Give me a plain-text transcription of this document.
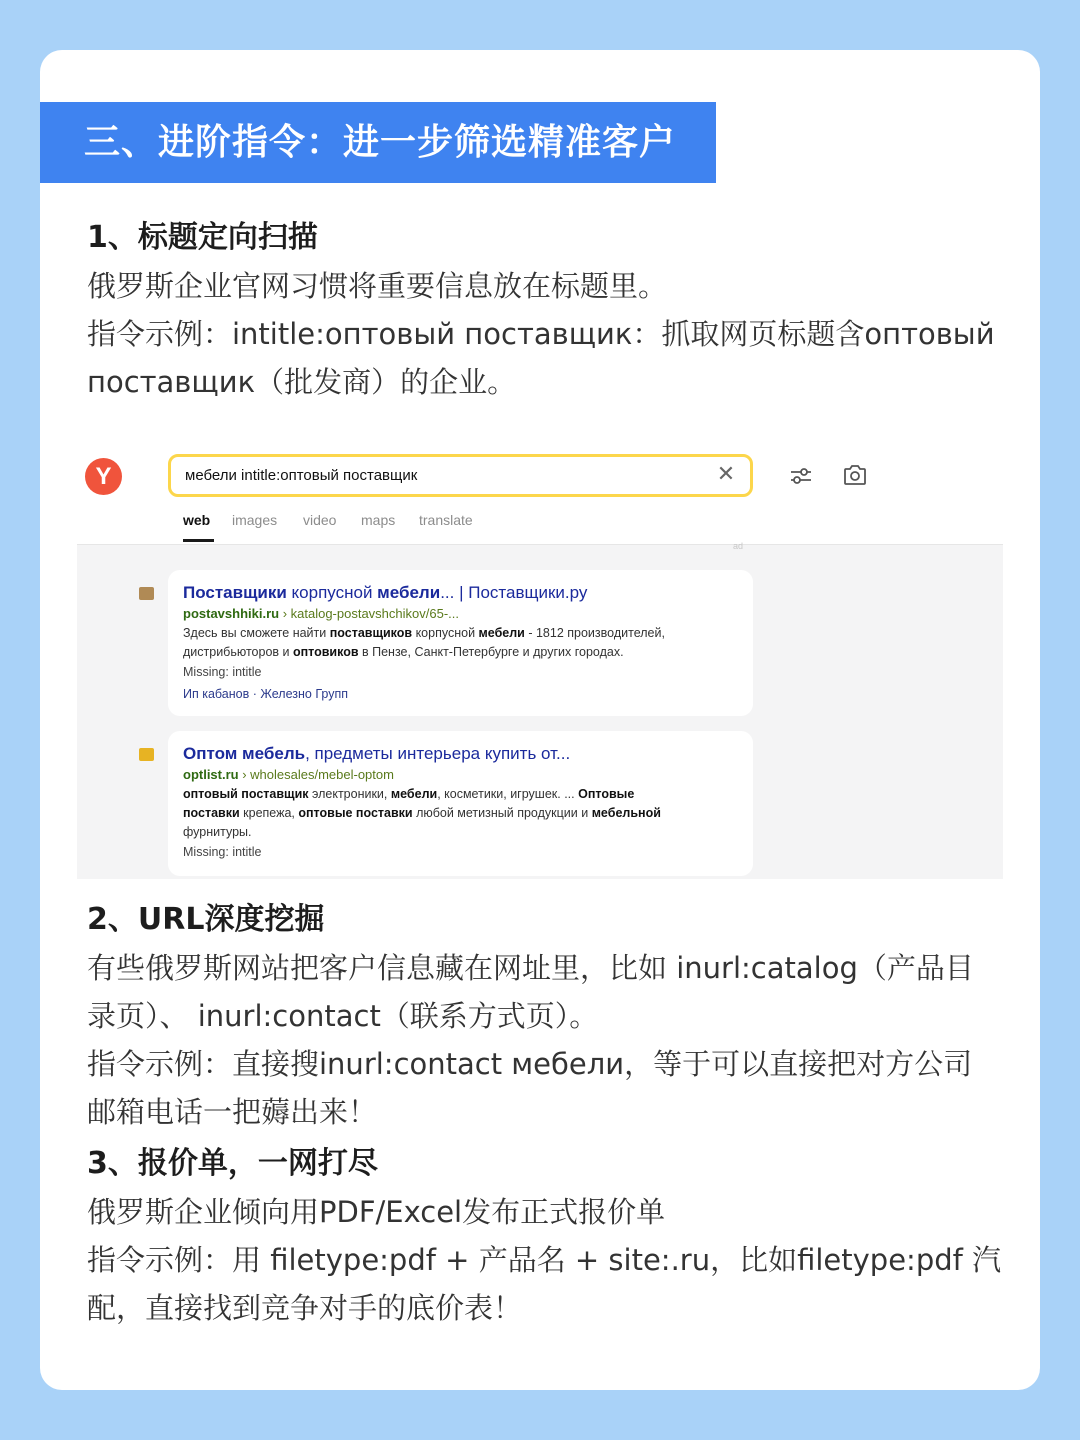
三、进阶指令：进一步筛选精准客户
1、标题定向扫描
俄罗斯企业官网习惯将重要信息放在标题里。
指令示例：intitle:оптовый поставщик：抓取网页标题含оптовый
поставщик（批发商）的企业。
Y	мебели intitle:оптовый поставщик	✕
web images video maps translate
ad
Поставщики корпусной мебели... | Поставщики.ру
postavshhiki.ru › katalog-postavshchikov/65-...
Здесь вы сможете найти поставщиков корпусной мебели - 1812 производителей,
дистрибьюторов и оптовиков в Пензе, Санкт-Петербурге и других городах.
Missing: intitle
Ип кабанов · Железно Групп
Оптом мебель, предметы интерьера купить от...
optlist.ru › wholesales/mebel-optom
оптовый поставщик электроники, мебели, косметики, игрушек. ... Оптовые
поставки крепежа, оптовые поставки любой метизный продукции и мебельной
фурнитуры.
Missing: intitle
2、URL深度挖掘
有些俄罗斯网站把客户信息藏在网址里，比如 inurl:catalog（产品目
录页）、 inurl:contact（联系方式页）。
指令示例：直接搜inurl:contact мебели，等于可以直接把对方公司
邮箱电话一把薅出来！
3、报价单，一网打尽
俄罗斯企业倾向用PDF/Excel发布正式报价单
指令示例：用 filetype:pdf + 产品名 + site:.ru，比如filetype:pdf 汽
配，直接找到竞争对手的底价表！
